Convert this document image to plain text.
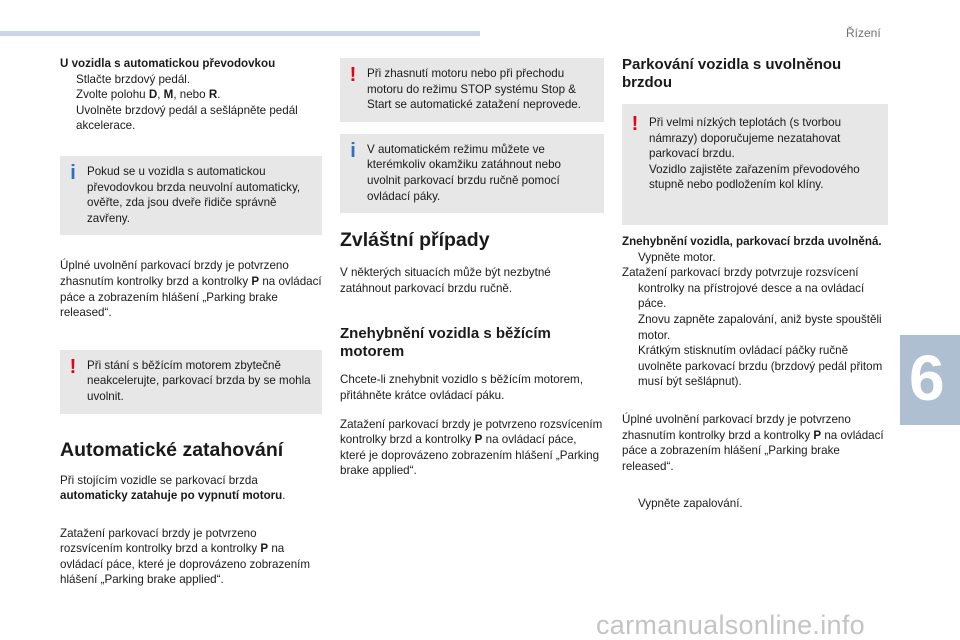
Řízení
6

U vozidla s automatickou převodovkou

Stlačte brzdový pedál.

Zvolte polohu D, M, nebo R.

Uvolněte brzdový pedál a sešlápněte pedál akcelerace.

i Pokud se u vozidla s automatickou převodovkou brzda neuvolní automaticky, ověřte, zda jsou dveře řidiče správně zavřeny.

Úplné uvolnění parkovací brzdy je potvrzeno zhasnutím kontrolky brzd a kontrolky P na ovládací páce a zobrazením hlášení „Parking brake released“.

! Při stání s běžícím motorem zbytečně neakcelerujte, parkovací brzda by se mohla uvolnit.

Automatické zatahování

Při stojícím vozidle se parkovací brzda automaticky zatahuje po vypnutí motoru.

Zatažení parkovací brzdy je potvrzeno rozsvícením kontrolky brzd a kontrolky P na ovládací páce, které je doprovázeno zobrazením hlášení „Parking brake applied“.

! Při zhasnutí motoru nebo při přechodu motoru do režimu STOP systému Stop & Start se automatické zatažení neprovede.

i V automatickém režimu můžete ve kterémkoliv okamžiku zatáhnout nebo uvolnit parkovací brzdu ručně pomocí ovládací páky.

Zvláštní případy

V některých situacích může být nezbytné zatáhnout parkovací brzdu ručně.

Znehybnění vozidla s běžícím motorem

Chcete-li znehybnit vozidlo s běžícím motorem, přitáhněte krátce ovládací páku.

Zatažení parkovací brzdy je potvrzeno rozsvícením kontrolky brzd a kontrolky P na ovládací páce, které je doprovázeno zobrazením hlášení „Parking brake applied“.

Parkování vozidla s uvolněnou brzdou
! Při velmi nízkých teplotách (s tvorbou námrazy) doporučujeme nezatahovat parkovací brzdu.

Vozidlo zajistěte zařazením převodového stupně nebo podložením kol klíny.

Znehybnění vozidla, parkovací brzda uvolněná.

Vypněte motor.

Zatažení parkovací brzdy potvrzuje rozsvícení kontrolky na přístrojové desce a na ovládací páce.

Znovu zapněte zapalování, aniž byste spouštěli motor.

Krátkým stisknutím ovládací páčky ručně uvolněte parkovací brzdu (brzdový pedál přitom musí být sešlápnut).

Úplné uvolnění parkovací brzdy je potvrzeno zhasnutím kontrolky brzd a kontrolky P na ovládací páce a zobrazením hlášení „Parking brake released“.

Vypněte zapalování.

carmanualsonline.info
